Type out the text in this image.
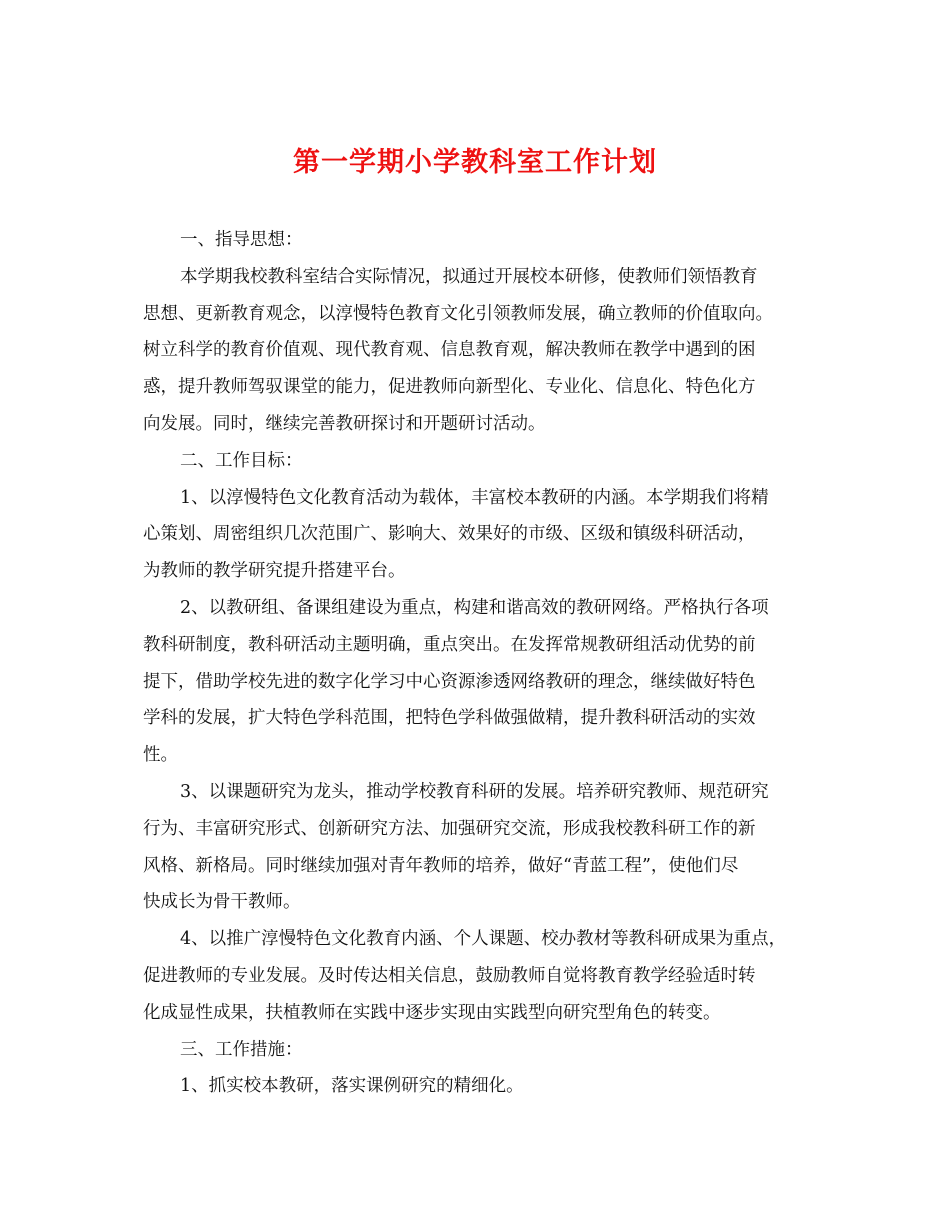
第一学期小学教科室工作计划

一、指导思想：

本学期我校教科室结合实际情况，拟通过开展校本研修，使教师们领悟教育

思想、更新教育观念，以淳慢特色教育文化引领教师发展，确立教师的价值取向。

树立科学的教育价值观、现代教育观、信息教育观，解决教师在教学中遇到的困

惑，提升教师驾驭课堂的能力，促进教师向新型化、专业化、信息化、特色化方

向发展。同时，继续完善教研探讨和开题研讨活动。

二、工作目标：

1、以淳慢特色文化教育活动为载体，丰富校本教研的内涵。本学期我们将精

心策划、周密组织几次范围广、影响大、效果好的市级、区级和镇级科研活动，

为教师的教学研究提升搭建平台。

2、以教研组、备课组建设为重点，构建和谐高效的教研网络。严格执行各项

教科研制度，教科研活动主题明确，重点突出。在发挥常规教研组活动优势的前

提下，借助学校先进的数字化学习中心资源渗透网络教研的理念，继续做好特色

学科的发展，扩大特色学科范围，把特色学科做强做精，提升教科研活动的实效

性。

3、以课题研究为龙头，推动学校教育科研的发展。培养研究教师、规范研究

行为、丰富研究形式、创新研究方法、加强研究交流，形成我校教科研工作的新

风格、新格局。同时继续加强对青年教师的培养，做好“青蓝工程”，使他们尽

快成长为骨干教师。

4、以推广淳慢特色文化教育内涵、个人课题、校办教材等教科研成果为重点，

促进教师的专业发展。及时传达相关信息，鼓励教师自觉将教育教学经验适时转

化成显性成果，扶植教师在实践中逐步实现由实践型向研究型角色的转变。

三、工作措施：

1、抓实校本教研，落实课例研究的精细化。
